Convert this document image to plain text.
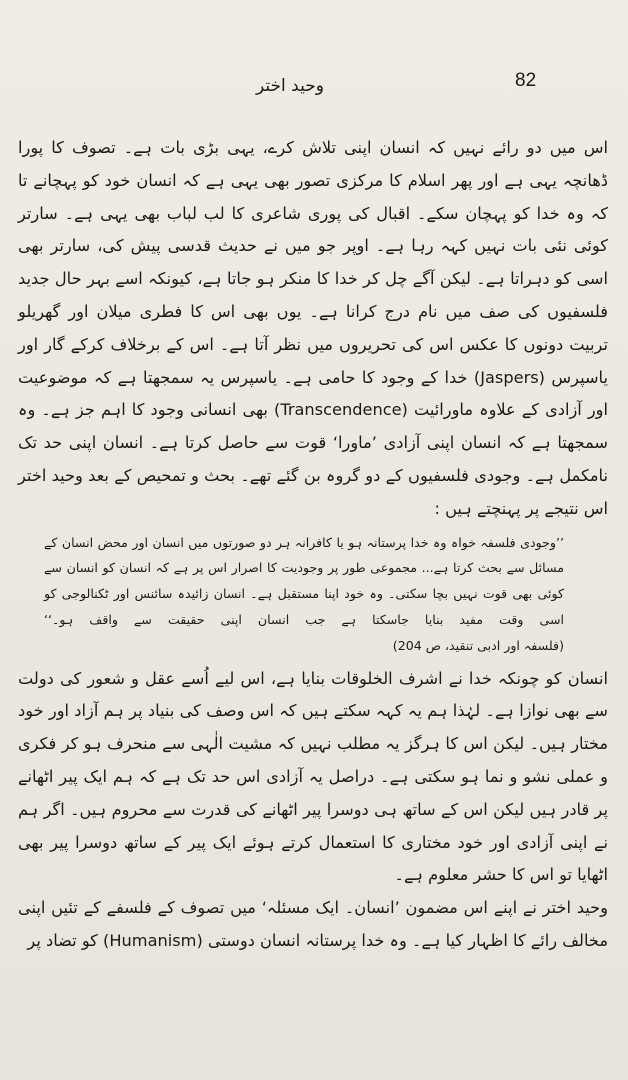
وحید اختر	82

اس میں دو رائے نہیں کہ انسان اپنی تلاش کرے، یہی بڑی بات ہے۔ تصوف کا پورا ڈھانچہ یہی ہے اور پھر اسلام کا مرکزی تصور بھی یہی ہے کہ انسان خود کو پہچانے تا کہ وہ خدا کو پہچان سکے۔ اقبال کی پوری شاعری کا لب لباب بھی یہی ہے۔ سارتر کوئی نئی بات نہیں کہہ رہا ہے۔ اوپر جو میں نے حدیث قدسی پیش کی، سارتر بھی اسی کو دہراتا ہے۔ لیکن آگے چل کر خدا کا منکر ہو جاتا ہے، کیونکہ اسے بہر حال جدید فلسفیوں کی صف میں نام درج کرانا ہے۔ یوں بھی اس کا فطری میلان اور گھریلو تربیت دونوں کا عکس اس کی تحریروں میں نظر آتا ہے۔ اس کے برخلاف کرکے گار اور یاسپرس (Jaspers) خدا کے وجود کا حامی ہے۔ یاسپرس یہ سمجھتا ہے کہ موضوعیت اور آزادی کے علاوہ ماورائیت (Transcendence) بھی انسانی وجود کا اہم جز ہے۔ وہ سمجھتا ہے کہ انسان اپنی آزادی ’ماورا‘ قوت سے حاصل کرتا ہے۔ انسان اپنی حد تک نامکمل ہے۔ وجودی فلسفیوں کے دو گروہ بن گئے تھے۔ بحث و تمحیص کے بعد وحید اختر اس نتیجے پر پہنچتے ہیں :

’’وجودی فلسفہ خواہ وہ خدا پرستانہ ہو یا کافرانہ ہر دو صورتوں میں انسان اور محض انسان کے مسائل سے بحث کرتا ہے... مجموعی طور پر وجودیت کا اصرار اس پر ہے کہ انسان کو انسان سے کوئی بھی قوت نہیں بچا سکتی۔ وہ خود اپنا مستقبل ہے۔ انسان زائیدہ سائنس اور ٹکنالوجی کو اسی وقت مفید بنایا جاسکتا ہے جب انسان اپنی حقیقت سے واقف ہو۔‘‘ (فلسفہ اور ادبی تنقید، ص 204)

انسان کو چونکہ خدا نے اشرف الخلوقات بنایا ہے، اس لیے اُسے عقل و شعور کی دولت سے بھی نوازا ہے۔ لہٰذا ہم یہ کہہ سکتے ہیں کہ اس وصف کی بنیاد پر ہم آزاد اور خود مختار ہیں۔ لیکن اس کا ہرگز یہ مطلب نہیں کہ مشیت الٰہی سے منحرف ہو کر فکری و عملی نشو و نما ہو سکتی ہے۔ دراصل یہ آزادی اس حد تک ہے کہ ہم ایک پیر اٹھانے پر قادر ہیں لیکن اس کے ساتھ ہی دوسرا پیر اٹھانے کی قدرت سے محروم ہیں۔ اگر ہم نے اپنی آزادی اور خود مختاری کا استعمال کرتے ہوئے ایک پیر کے ساتھ دوسرا پیر بھی اٹھایا تو اس کا حشر معلوم ہے۔

وحید اختر نے اپنے اس مضمون ’انسان۔ ایک مسئلہ‘ میں تصوف کے فلسفے کے تئیں اپنی مخالف رائے کا اظہار کیا ہے۔ وہ خدا پرستانہ انسان دوستی (Humanism) کو تضاد پر
